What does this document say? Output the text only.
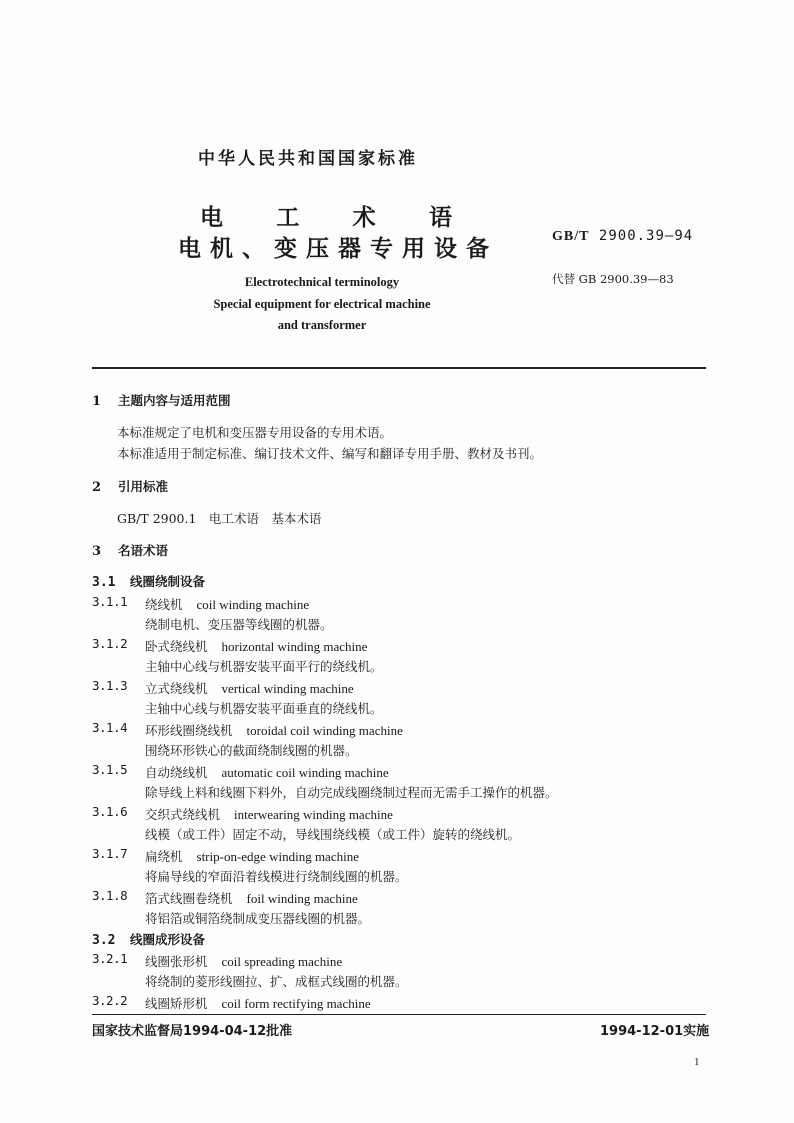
中华人民共和国国家标准
电 工 术 语
电机、变压器专用设备	GB/T 2900.39—94
代替 GB 2900.39—83
Electrotechnical terminology
Special equipment for electrical machine
and transformer
1 主题内容与适用范围
本标准规定了电机和变压器专用设备的专用术语。
本标准适用于制定标准、编订技术文件、编写和翻译专用手册、教材及书刊。
2 引用标准
GB/T 2900.1　电工术语　基本术语
3 名语术语
3.1 线圈绕制设备
3.1.1	绕线机 coil winding machine
绕制电机、变压器等线圈的机器。
3.1.2	卧式绕线机 horizontal winding machine
主轴中心线与机器安装平面平行的绕线机。
3.1.3	立式绕线机 vertical winding machine
主轴中心线与机器安装平面垂直的绕线机。
3.1.4	环形线圈绕线机 toroidal coil winding machine
围绕环形铁心的截面绕制线圈的机器。
3.1.5	自动绕线机 automatic coil winding machine
除导线上料和线圈下料外，自动完成线圈绕制过程而无需手工操作的机器。
3.1.6	交织式绕线机 interwearing winding machine
线模（或工件）固定不动，导线围绕线模（或工件）旋转的绕线机。
3.1.7	扁绕机 strip-on-edge winding machine
将扁导线的窄面沿着线模进行绕制线圈的机器。
3.1.8	箔式线圈卷绕机 foil winding machine
将铝箔或铜箔绕制成变压器线圈的机器。
3.2 线圈成形设备
3.2.1	线圈张形机 coil spreading machine
将绕制的菱形线圈拉、扩、成框式线圈的机器。
3.2.2	线圈矫形机 coil form rectifying machine
国家技术监督局1994-04-12批准	1994-12-01实施
1
